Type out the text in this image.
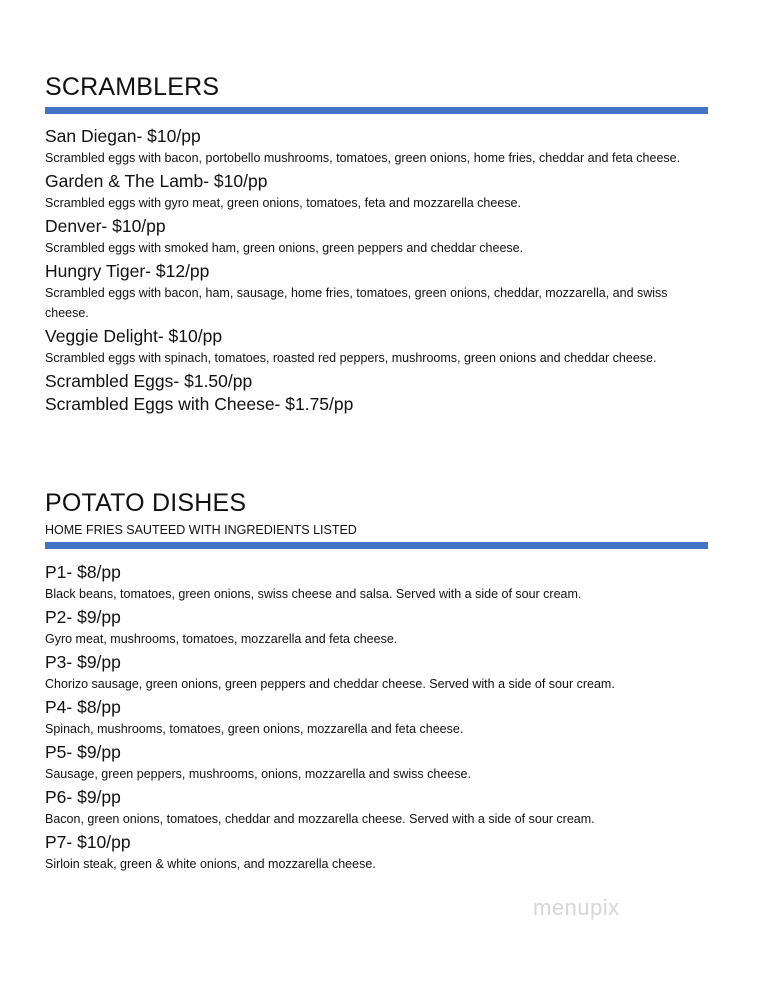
SCRAMBLERS
San Diegan- $10/pp
Scrambled eggs with bacon, portobello mushrooms, tomatoes, green onions, home fries, cheddar and feta cheese.
Garden & The Lamb- $10/pp
Scrambled eggs with gyro meat, green onions, tomatoes, feta and mozzarella cheese.
Denver- $10/pp
Scrambled eggs with smoked ham, green onions, green peppers and cheddar cheese.
Hungry Tiger- $12/pp
Scrambled eggs with bacon, ham, sausage, home fries, tomatoes, green onions, cheddar, mozzarella, and swiss cheese.
Veggie Delight- $10/pp
Scrambled eggs with spinach, tomatoes, roasted red peppers, mushrooms, green onions and cheddar cheese.
Scrambled Eggs- $1.50/pp
Scrambled Eggs with Cheese- $1.75/pp
POTATO DISHES
HOME FRIES SAUTEED WITH INGREDIENTS LISTED
P1- $8/pp
Black beans, tomatoes, green onions, swiss cheese and salsa. Served with a side of sour cream.
P2- $9/pp
Gyro meat, mushrooms, tomatoes, mozzarella and feta cheese.
P3- $9/pp
Chorizo sausage, green onions, green peppers and cheddar cheese. Served with a side of sour cream.
P4- $8/pp
Spinach, mushrooms, tomatoes, green onions, mozzarella and feta cheese.
P5- $9/pp
Sausage, green peppers, mushrooms, onions, mozzarella and swiss cheese.
P6- $9/pp
Bacon, green onions, tomatoes, cheddar and mozzarella cheese. Served with a side of sour cream.
P7- $10/pp
Sirloin steak, green & white onions, and mozzarella cheese.
menupix
